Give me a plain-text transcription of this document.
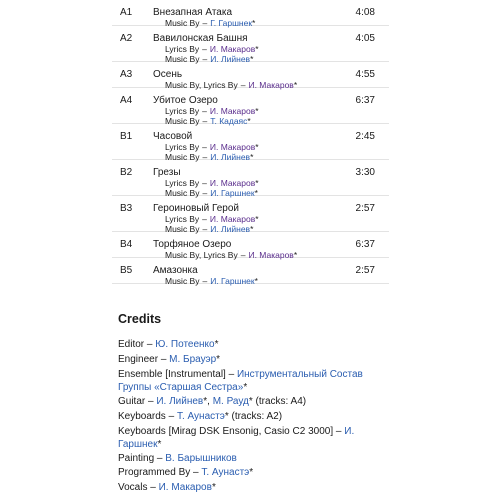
A1 Внезапная Атака	4:08
Music By – Г. Гаршнек*
A2 Вавилонская Башня	4:05
Lyrics By – И. Макаров*
Music By – И. Лийнев*
A3 Осень	4:55
Music By, Lyrics By – И. Макаров*
A4 Убитое Озеро	6:37
Lyrics By – И. Макаров*
Music By – Т. Кадаяс*
B1 Часовой	2:45
Lyrics By – И. Макаров*
Music By – И. Лийнев*
B2 Грезы	3:30
Lyrics By – И. Макаров*
Music By – И. Гаршнек*
B3 Героиновый Герой	2:57
Lyrics By – И. Макаров*
Music By – И. Лийнев*
B4 Торфяное Озеро	6:37
Music By, Lyrics By – И. Макаров*
B5 Амазонка	2:57
Music By – И. Гаршнек*
Credits
Editor – Ю. Потеенко*
Engineer – М. Брауэр*
Ensemble [Instrumental] – Инструментальный Состав
Группы «Старшая Сестра»*
Guitar – И. Лийнев*, М. Рауд* (tracks: A4)
Keyboards – Т. Аунастэ* (tracks: A2)
Keyboards [Mirag DSK Ensonig, Casio C2 3000] – И.
Гаршнек*
Painting – В. Барышников
Programmed By – Т. Аунастэ*
Vocals – И. Макаров*
